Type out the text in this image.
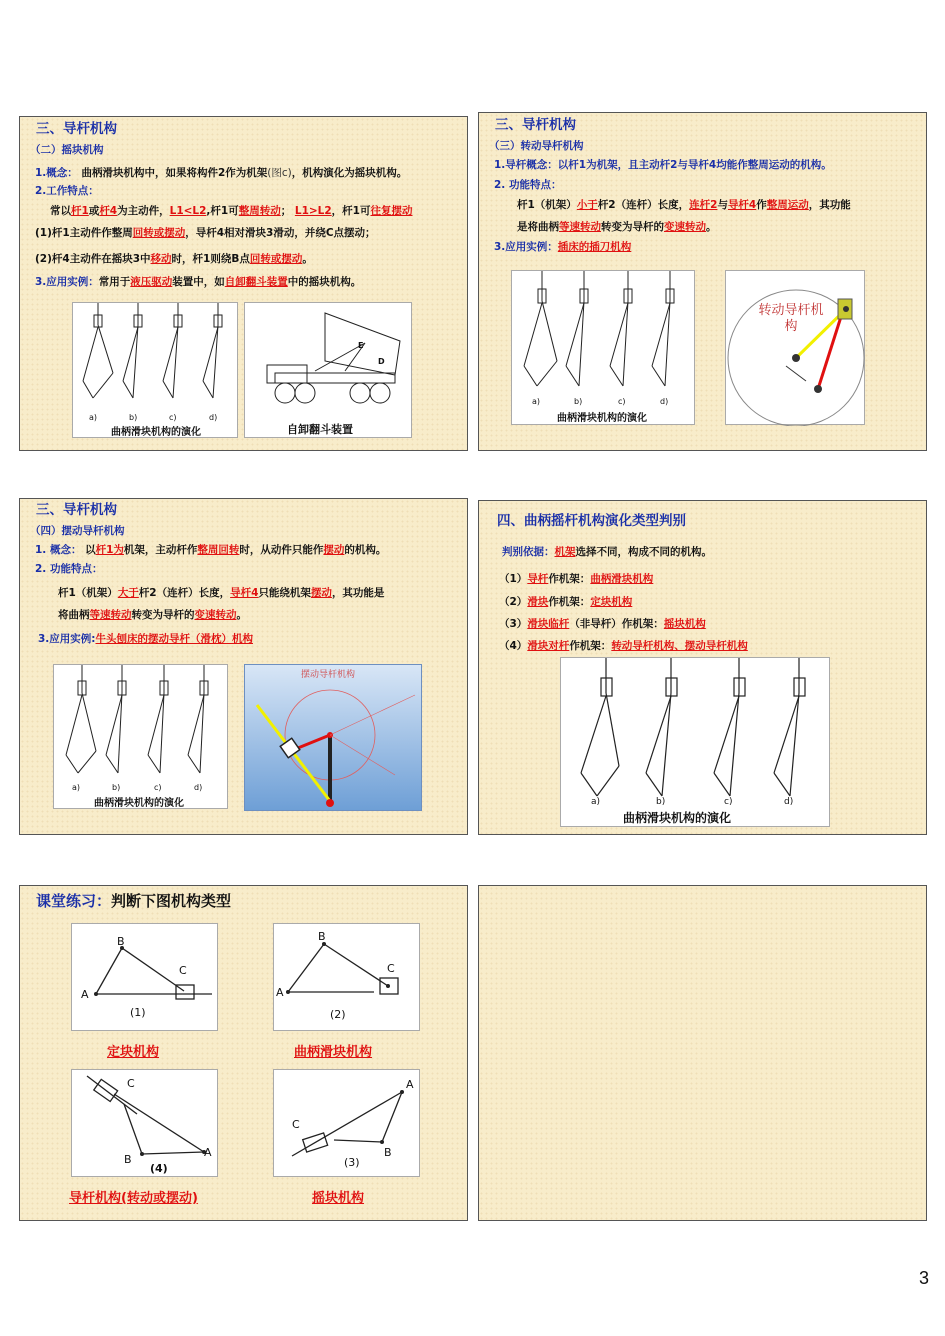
三、导杆机构
（二）摇块机构
1.概念： 曲柄滑块机构中，如果将构件2作为机架(图c)，机构演化为摇块机构。
2.工作特点：
常以杆1或杆4为主动件，L1<L2,杆1可整周转动； L1>L2，杆1可往复摆动
(1)杆1主动件作整周回转或摆动，导杆4相对滑块3滑动，并绕C点摆动；
(2)杆4主动件在摇块3中移动时，杆1则绕B点回转或摆动。
3.应用实例：常用于液压驱动装置中，如自卸翻斗装置中的摇块机构。
a)	b)	c)	d)
曲柄滑块机构的演化
E
D
自卸翻斗装置
三、导杆机构
（三）转动导杆机构
1.导杆概念：以杆1为机架，且主动杆2与导杆4均能作整周运动的机构。
2. 功能特点：
杆1（机架）小于杆2（连杆）长度，连杆2与导杆4作整周运动，其功能
是将曲柄等速转动转变为导杆的变速转动。
3.应用实例：插床的插刀机构
a)	b)	c)	d)
曲柄滑块机构的演化
转动导杆机构
三、导杆机构
（四）摆动导杆机构
1. 概念： 以杆1为机架，主动杆作整周回转时，从动件只能作摆动的机构。
2. 功能特点：
杆1（机架）大于杆2（连杆）长度，导杆4只能绕机架摆动，其功能是
将曲柄等速转动转变为导杆的变速转动。
3.应用实例:牛头刨床的摆动导杆（滑枕）机构
a)	b)	c)	d)
曲柄滑块机构的演化
摆动导杆机构
四、曲柄摇杆机构演化类型判别
判别依据：机架选择不同，构成不同的机构。
（1）导杆作机架：曲柄滑块机构
（2）滑块作机架：定块机构
（3）滑块临杆（非导杆）作机架：摇块机构
（4）滑块对杆作机架：转动导杆机构、摆动导杆机构
a)	b)	c)	d)
曲柄滑块机构的演化
课堂练习：判断下图机构类型
A
B
C
(1)
A
B
C
(2)
定块机构	曲柄滑块机构
C
B
A
(4)
A
C
B
(3)
导杆机构(转动或摆动)	摇块机构
3
